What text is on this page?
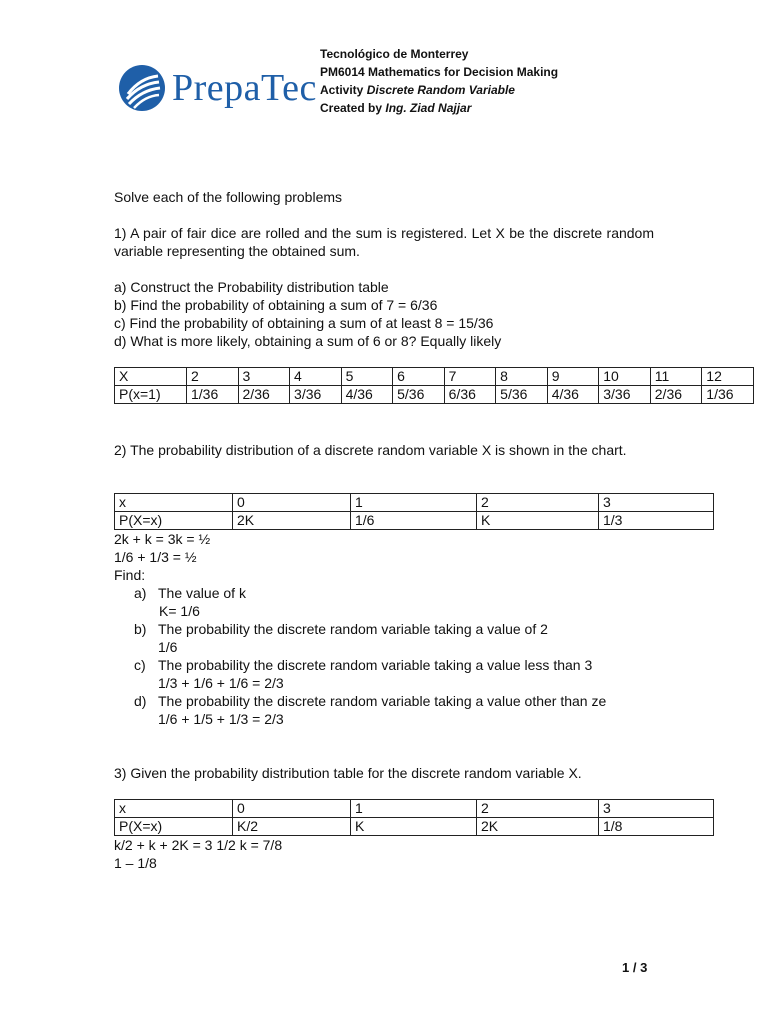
PrepaTec
Tecnológico de Monterrey
PM6014 Mathematics for Decision Making
Activity Discrete Random Variable
Created by Ing. Ziad Najjar
Solve each of the following problems
1) A pair of fair dice are rolled and the sum is registered. Let X be the discrete random variable representing the obtained sum.
a) Construct the Probability distribution table
b) Find the probability of obtaining a sum of 7 = 6/36
c) Find the probability of obtaining a sum of at least 8 = 15/36
d) What is more likely, obtaining a sum of 6 or 8? Equally likely
X	2	3	4	5	6	7	8	9	10	11	12
P(x=1)	1/36	2/36	3/36	4/36	5/36	6/36	5/36	4/36	3/36	2/36	1/36
2) The probability distribution of a discrete random variable X is shown in the chart.
x	0	1	2	3
P(X=x)	2K	1/6	K	1/3
2k + k = 3k = ½
1/6 + 1/3 = ½
Find:
a) The value of k
K= 1/6
b) The probability the discrete random variable taking a value of 2
1/6
c) The probability the discrete random variable taking a value less than 3
1/3 + 1/6 + 1/6 = 2/3
d) The probability the discrete random variable taking a value other than ze
1/6 + 1/5 + 1/3 = 2/3
3) Given the probability distribution table for the discrete random variable X.
x	0	1	2	3
P(X=x)	K/2	K	2K	1/8
k/2 + k + 2K = 3 1/2 k = 7/8
1 – 1/8
1 / 3
